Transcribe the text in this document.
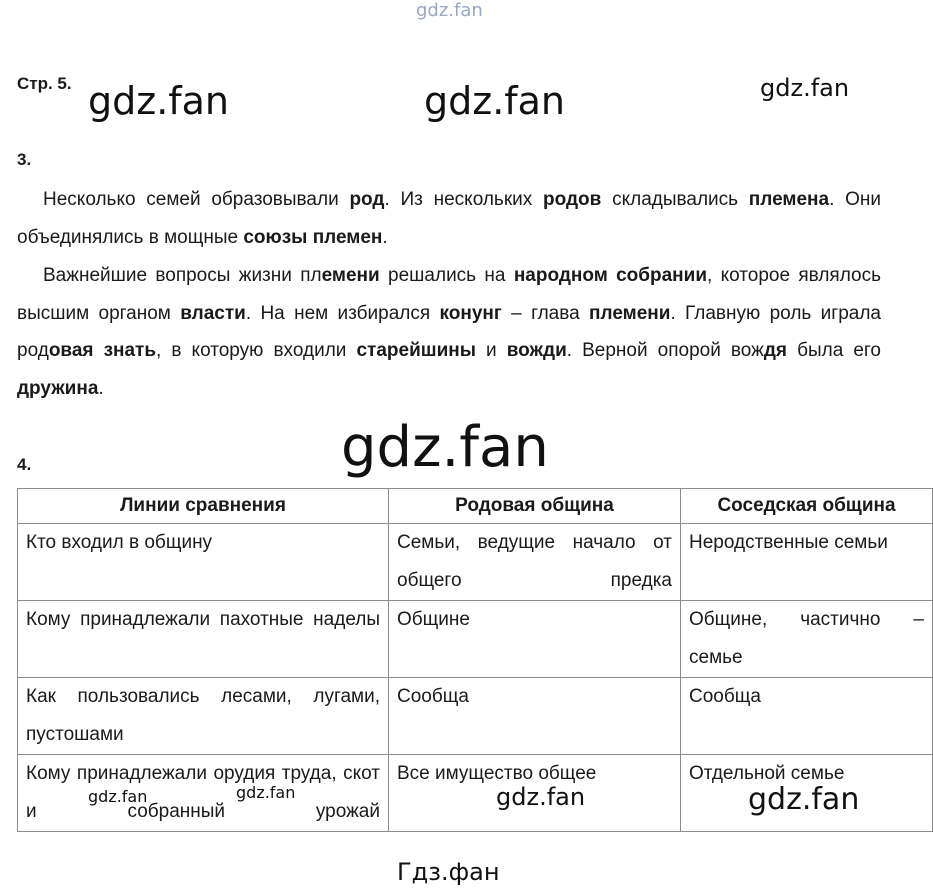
gdz.fan
gdz.fan	gdz.fan	gdz.fan
Стр. 5.
3.

Несколько семей образовывали род. Из нескольких родов складывались племена. Они объединялись в мощные союзы племен.

Важнейшие вопросы жизни племени решались на народном собрании, которое являлось высшим органом власти. На нем избирался конунг – глава племени. Главную роль играла родовая знать, в которую входили старейшины и вожди. Верной опорой вождя была его дружина.

gdz.fan
4.
Линии сравнения	Родовая община	Соседская община
Кто входил в общину	Семьи, ведущие начало от общего предка	Неродственные семьи
Кому принадлежали пахотные наделы	Общине	Общине, частично – семье
Как пользовались лесами, лугами, пустошами	Сообща	Сообща
Кому принадлежали орудия труда, скот и собранный урожай	Все имущество общее	Отдельной семье
gdz.fan	gdz.fan	gdz.fan	gdz.fan
Гдз.фан
